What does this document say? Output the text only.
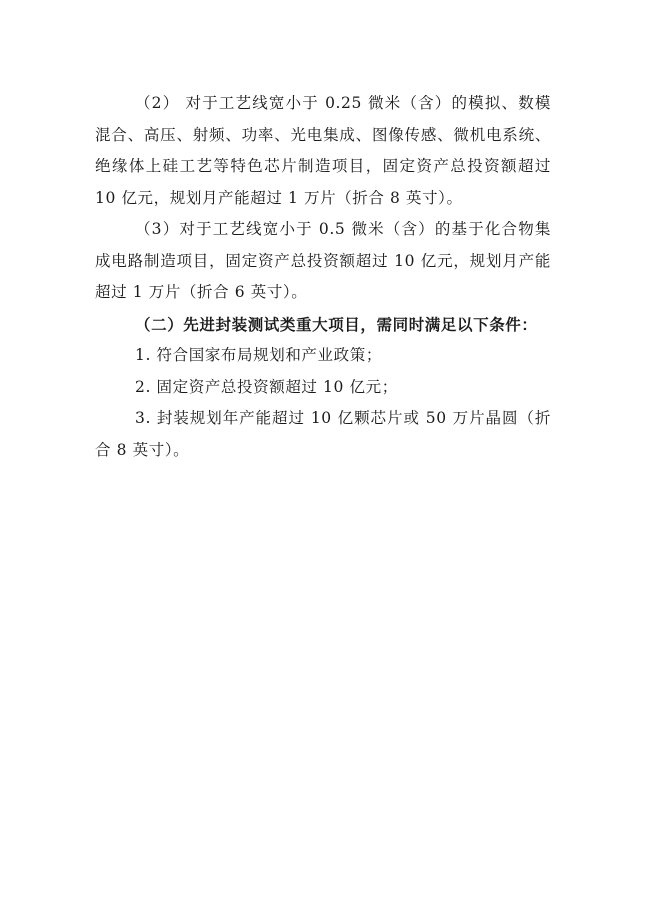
（2） 对于工艺线宽小于 0.25 微米（含）的模拟、数模混合、高压、射频、功率、光电集成、图像传感、微机电系统、绝缘体上硅工艺等特色芯片制造项目，固定资产总投资额超过 10 亿元，规划月产能超过 1 万片（折合 8 英寸）。

（3）对于工艺线宽小于 0.5 微米（含）的基于化合物集成电路制造项目，固定资产总投资额超过 10 亿元，规划月产能超过 1 万片（折合 6 英寸）。

（二）先进封装测试类重大项目，需同时满足以下条件：

1. 符合国家布局规划和产业政策；

2. 固定资产总投资额超过 10 亿元；

3. 封装规划年产能超过 10 亿颗芯片或 50 万片晶圆（折合 8 英寸）。
